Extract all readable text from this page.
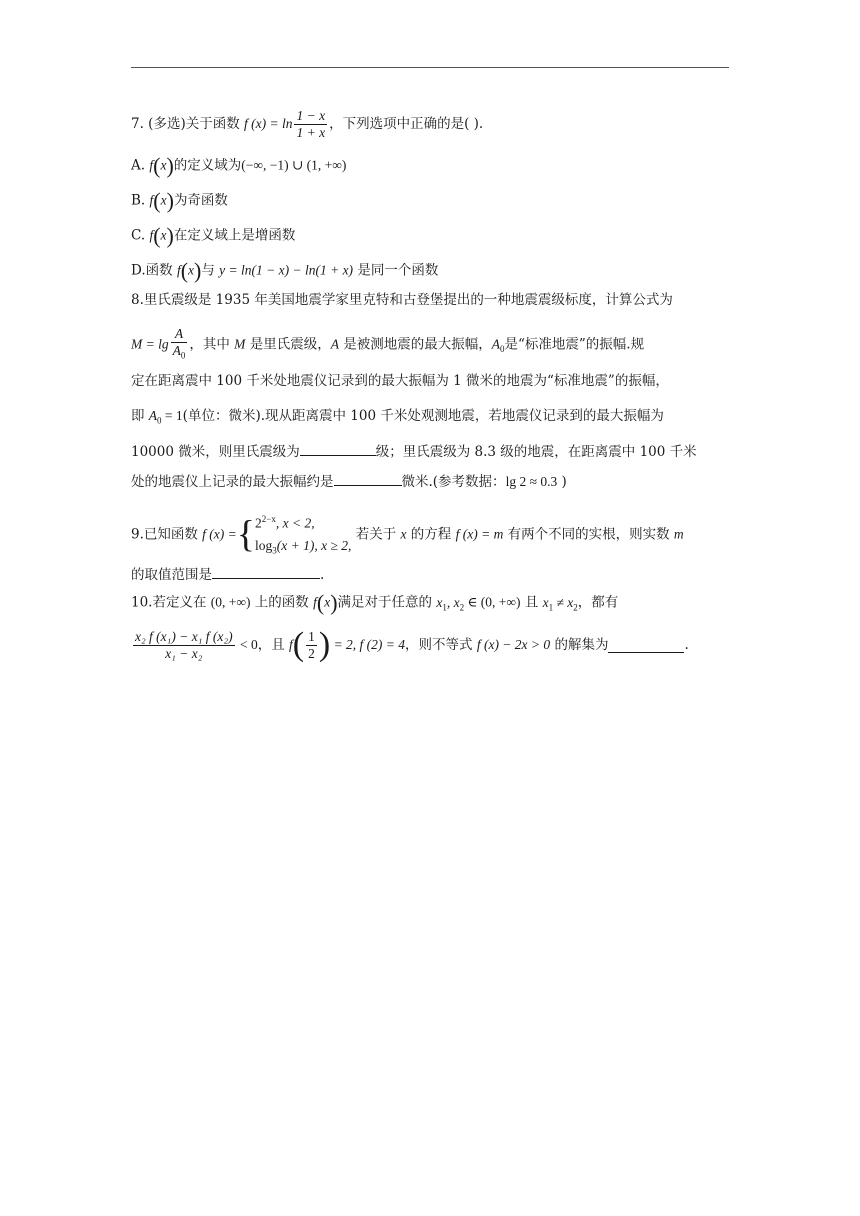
7. (多选)关于函数 f $(x) = \ln \frac{1 - x}{1 + x}$ ，下列选项中正确的是( ).
A. f(x)的定义域为(−∞, −1) ∪ (1, +∞)
B. f(x)为奇函数
C. f(x)在定义域上是增函数
D.函数 f(x)与 y = ln(1 − x) − ln(1 + x) 是同一个函数
8.里氏震级是 1935 年美国地震学家里克特和古登堡提出的一种地震震级标度，计算公式为
$M = \lg \frac{A}{A_0}$ ，其中 M 是里氏震级，A 是被测地震的最大振幅，$A_0$是“标准地震”的振幅.规
定在距离震中 100 千米处地震仪记录到的最大振幅为 1 微米的地震为“标准地震”的振幅，
即 $A_0 = 1$(单位：微米).现从距离震中 100 千米处观测地震，若地震仪记录到的最大振幅为
10000 微米，则里氏震级为	级；里氏震级为 8.3 级的地震，在距离震中 100 千米
处的地震仪上记录的最大振幅约是	微米.(参考数据：lg 2 ≈ 0.3 )
9.已知函数 f (x) ={ $2^{2-x}$, x < 2,
$\log_3(x + 1)$, x ≥ 2,
若关于 x 的方程 f (x) = m 有两个不同的实根，则实数 m
的取值范围是	.
10.若定义在 (0, +∞) 上的函数 f(x)满足对于任意的 $x_1$, $x_2$ ∈ (0, +∞) 且 $x_1 \ne x_2$，都有
$\frac{\text{x₂ f (x₁) − x₁ f (x₂)}}{\text{x₁ − x₂}} < 0$，且 $f( \frac{1}{2}$ ) = 2, f (2) = 4，则不等式 f (x) − 2x > 0 的解集为	.
